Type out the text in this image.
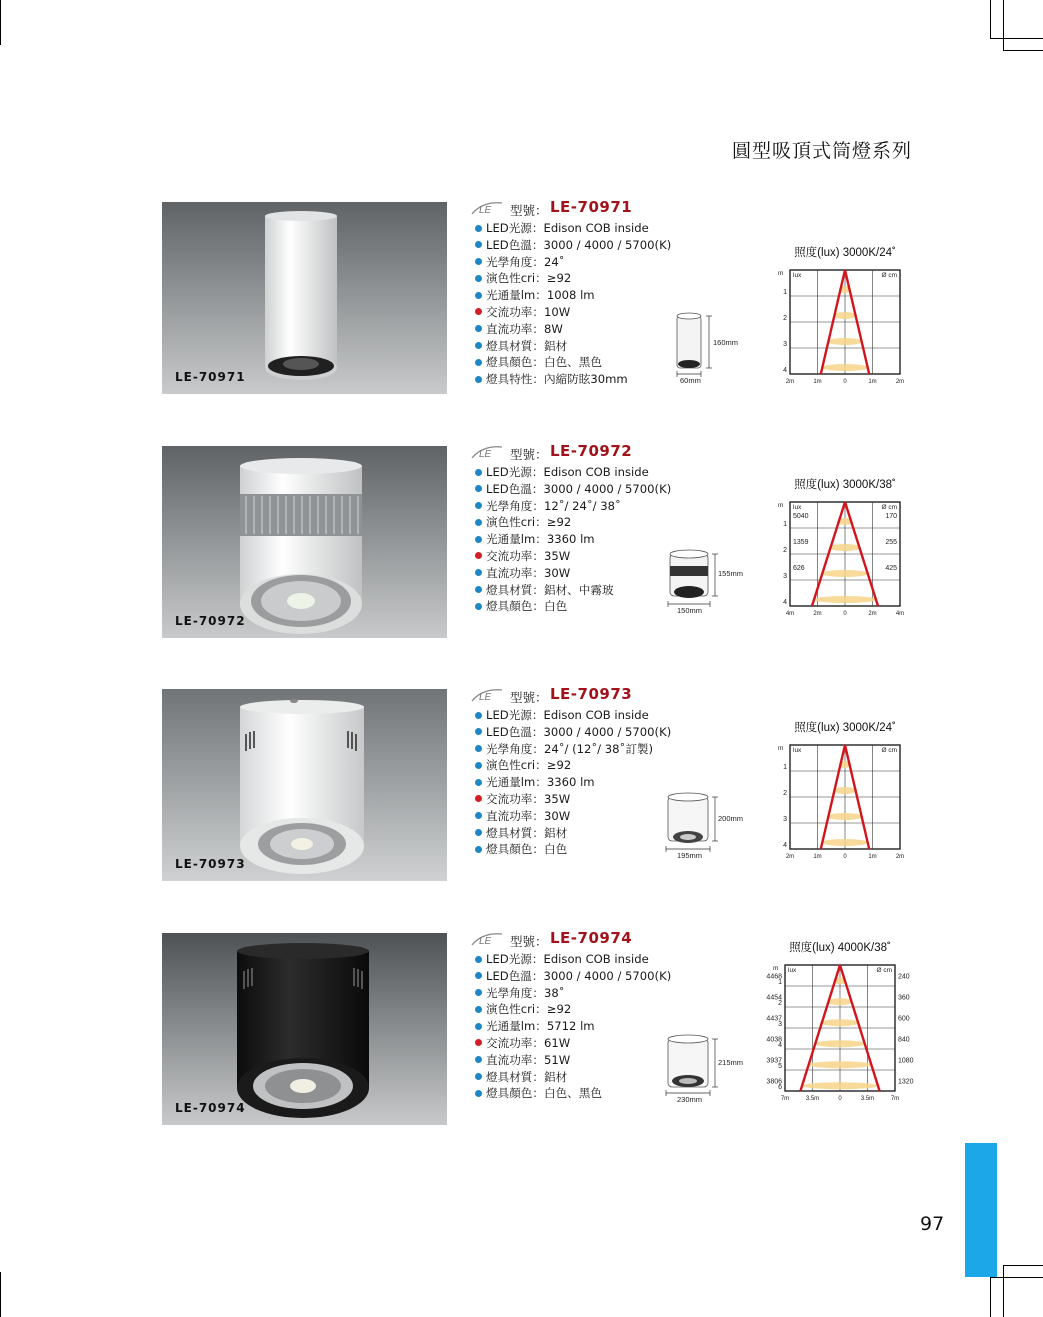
圓型吸頂式筒燈系列
LE-70971
LE 型號： LE-70971
LED光源：Edison COB inside
LED色溫：3000 / 4000 / 5700(K)
光學角度：24˚
演色性cri：≥92
光通量lm：1008 lm
交流功率：10W
直流功率：8W
燈具材質：鋁材
燈具顏色：白色、黑色
燈具特性：內縮防眩30mm
160mm
60mm
照度(lux) 3000K/24˚
m lux	Ø cm
1
2
3
4
2m	1m	0	1m	2m
LE-70972
LE 型號： LE-70972
LED光源：Edison COB inside
LED色溫：3000 / 4000 / 5700(K)
光學角度：12˚/ 24˚/ 38˚
演色性cri：≥92
光通量lm：3360 lm
交流功率：35W
直流功率：30W
燈具材質：鋁材、中霧玻
燈具顏色：白色
155mm
150mm
照度(lux) 3000K/38˚
m lux	Ø cm
1
2
3
4
4m	2m	0	2m	4m
5040
1359
626
170
255
425
LE-70973
LE 型號： LE-70973
LED光源：Edison COB inside
LED色溫：3000 / 4000 / 5700(K)
光學角度：24˚/ (12˚/ 38˚訂製)
演色性cri：≥92
光通量lm：3360 lm
交流功率：35W
直流功率：30W
燈具材質：鋁材
燈具顏色：白色
200mm
195mm
照度(lux) 3000K/24˚
m lux	Ø cm
1
2
3
4
2m	1m	0	1m	2m
LE-70974
LE 型號： LE-70974
LED光源：Edison COB inside
LED色溫：3000 / 4000 / 5700(K)
光學角度：38˚
演色性cri：≥92
光通量lm：5712 lm
交流功率：61W
直流功率：51W
燈具材質：鋁材
燈具顏色：白色、黑色
215mm
230mm
照度(lux) 4000K/38˚
m lux	Ø cm
1
2
3
4
5
6
7m	3.5m	0	3.5m	7m
4468
4454
4437
4038
3937
3806
240
360
600
840
1080
1320
97
